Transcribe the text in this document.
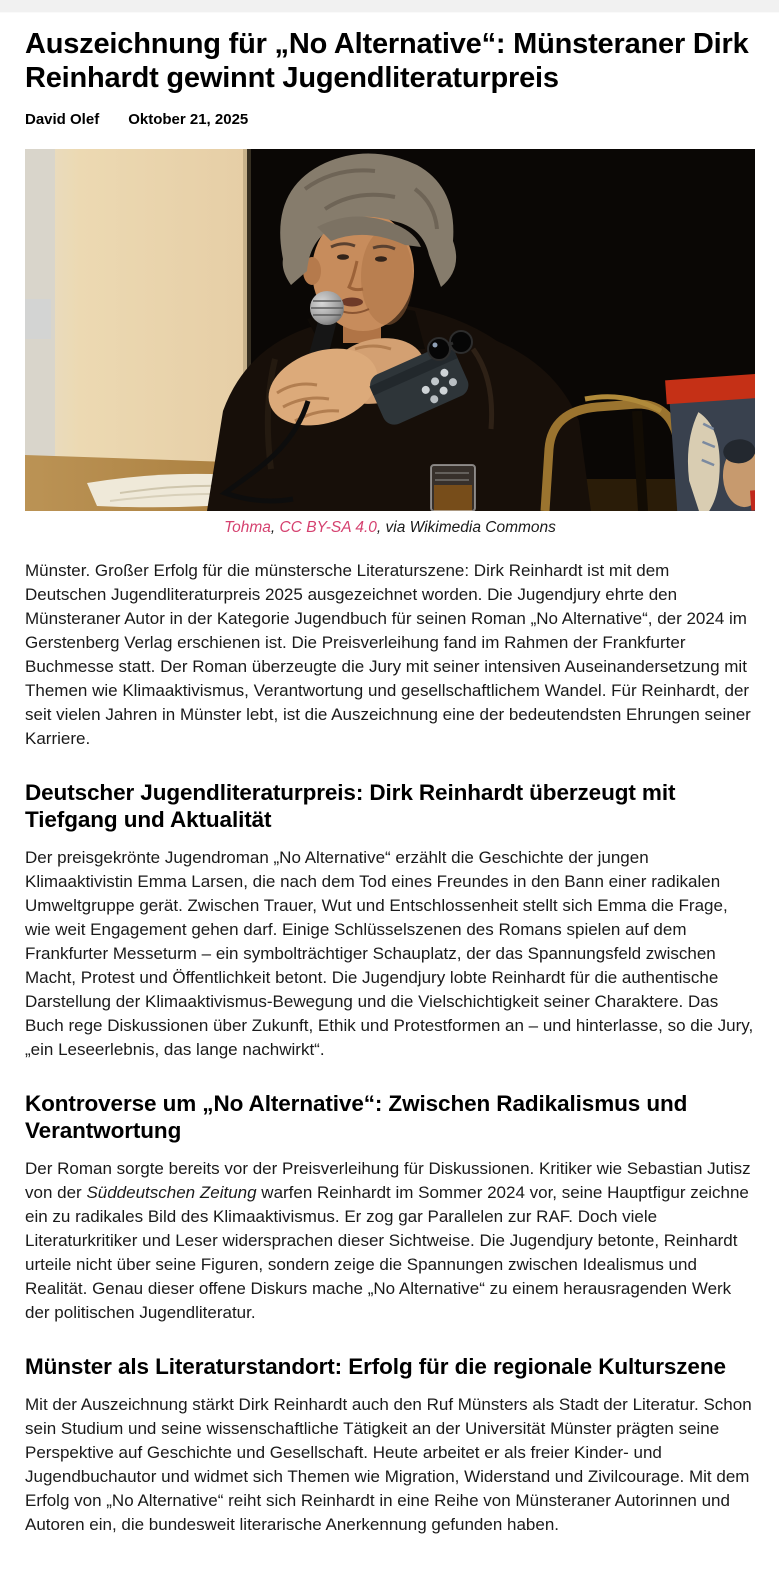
Auszeichnung für „No Alternative“: Münsteraner Dirk Reinhardt gewinnt Jugendliteraturpreis
David Olef Oktober 21, 2025
Tohma, CC BY-SA 4.0, via Wikimedia Commons

Münster. Großer Erfolg für die münstersche Literaturszene: Dirk Reinhardt ist mit dem Deutschen Jugendliteraturpreis 2025 ausgezeichnet worden. Die Jugendjury ehrte den Münsteraner Autor in der Kategorie Jugendbuch für seinen Roman „No Alternative“, der 2024 im Gerstenberg Verlag erschienen ist. Die Preisverleihung fand im Rahmen der Frankfurter Buchmesse statt. Der Roman überzeugte die Jury mit seiner intensiven Auseinandersetzung mit Themen wie Klimaaktivismus, Verantwortung und gesellschaftlichem Wandel. Für Reinhardt, der seit vielen Jahren in Münster lebt, ist die Auszeichnung eine der bedeutendsten Ehrungen seiner Karriere.

Deutscher Jugendliteraturpreis: Dirk Reinhardt überzeugt mit Tiefgang und Aktualität

Der preisgekrönte Jugendroman „No Alternative“ erzählt die Geschichte der jungen Klimaaktivistin Emma Larsen, die nach dem Tod eines Freundes in den Bann einer radikalen Umweltgruppe gerät. Zwischen Trauer, Wut und Entschlossenheit stellt sich Emma die Frage, wie weit Engagement gehen darf. Einige Schlüsselszenen des Romans spielen auf dem Frankfurter Messeturm – ein symbolträchtiger Schauplatz, der das Spannungsfeld zwischen Macht, Protest und Öffentlichkeit betont. Die Jugendjury lobte Reinhardt für die authentische Darstellung der Klimaaktivismus-Bewegung und die Vielschichtigkeit seiner Charaktere. Das Buch rege Diskussionen über Zukunft, Ethik und Protestformen an – und hinterlasse, so die Jury, „ein Leseerlebnis, das lange nachwirkt“.

Kontroverse um „No Alternative“: Zwischen Radikalismus und Verantwortung

Der Roman sorgte bereits vor der Preisverleihung für Diskussionen. Kritiker wie Sebastian Jutisz von der Süddeutschen Zeitung warfen Reinhardt im Sommer 2024 vor, seine Hauptfigur zeichne ein zu radikales Bild des Klimaaktivismus. Er zog gar Parallelen zur RAF. Doch viele Literaturkritiker und Leser widersprachen dieser Sichtweise. Die Jugendjury betonte, Reinhardt urteile nicht über seine Figuren, sondern zeige die Spannungen zwischen Idealismus und Realität. Genau dieser offene Diskurs mache „No Alternative“ zu einem herausragenden Werk der politischen Jugendliteratur.

Münster als Literaturstandort: Erfolg für die regionale Kulturszene

Mit der Auszeichnung stärkt Dirk Reinhardt auch den Ruf Münsters als Stadt der Literatur. Schon sein Studium und seine wissenschaftliche Tätigkeit an der Universität Münster prägten seine Perspektive auf Geschichte und Gesellschaft. Heute arbeitet er als freier Kinder- und Jugendbuchautor und widmet sich Themen wie Migration, Widerstand und Zivilcourage. Mit dem Erfolg von „No Alternative“ reiht sich Reinhardt in eine Reihe von Münsteraner Autorinnen und Autoren ein, die bundesweit literarische Anerkennung gefunden haben.
